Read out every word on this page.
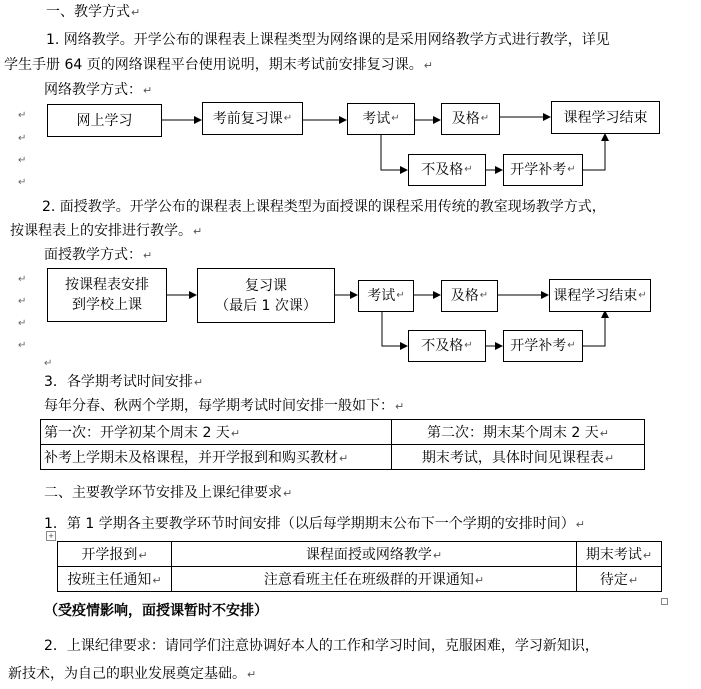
一、教学方式↵
1. 网络教学。开学公布的课程表上课程类型为网络课的是采用网络教学方式进行教学，详见
学生手册 64 页的网络课程平台使用说明，期末考试前安排复习课。↵
网络教学方式：↵
↵
↵
↵
↵
网上学习	考前复习课 ↵	考试 ↵	及格 ↵	课程学习结束
不及格 ↵	开学补考 ↵
2. 面授教学。开学公布的课程表上课程类型为面授课的课程采用传统的教室现场教学方式，
按课程表上的安排进行教学。↵
面授教学方式：↵
↵
↵
↵
↵
↵
按课程表安排
到学校上课
复习课
（最后 1 次课）
考试 ↵	及格 ↵	课程学习结束 ↵
不及格 ↵	开学补考 ↵
3．各学期考试时间安排↵
每年分春、秋两个学期，每学期考试时间安排一般如下：↵
第一次：开学初某个周末 2 天↵	第二次：期末某个周末 2 天↵
补考上学期未及格课程，并开学报到和购买教材↵	期末考试，具体时间见课程表↵
二、主要教学环节安排及上课纪律要求↵
1．第 1 学期各主要教学环节时间安排（以后每学期期末公布下一个学期的安排时间）↵
+
开学报到↵	课程面授或网络教学↵	期末考试↵
按班主任通知↵	注意看班主任在班级群的开课通知↵	待定↵
（受疫情影响，面授课暂时不安排）
2．上课纪律要求：请同学们注意协调好本人的工作和学习时间，克服困难，学习新知识，
新技术，为自己的职业发展奠定基础。↵
